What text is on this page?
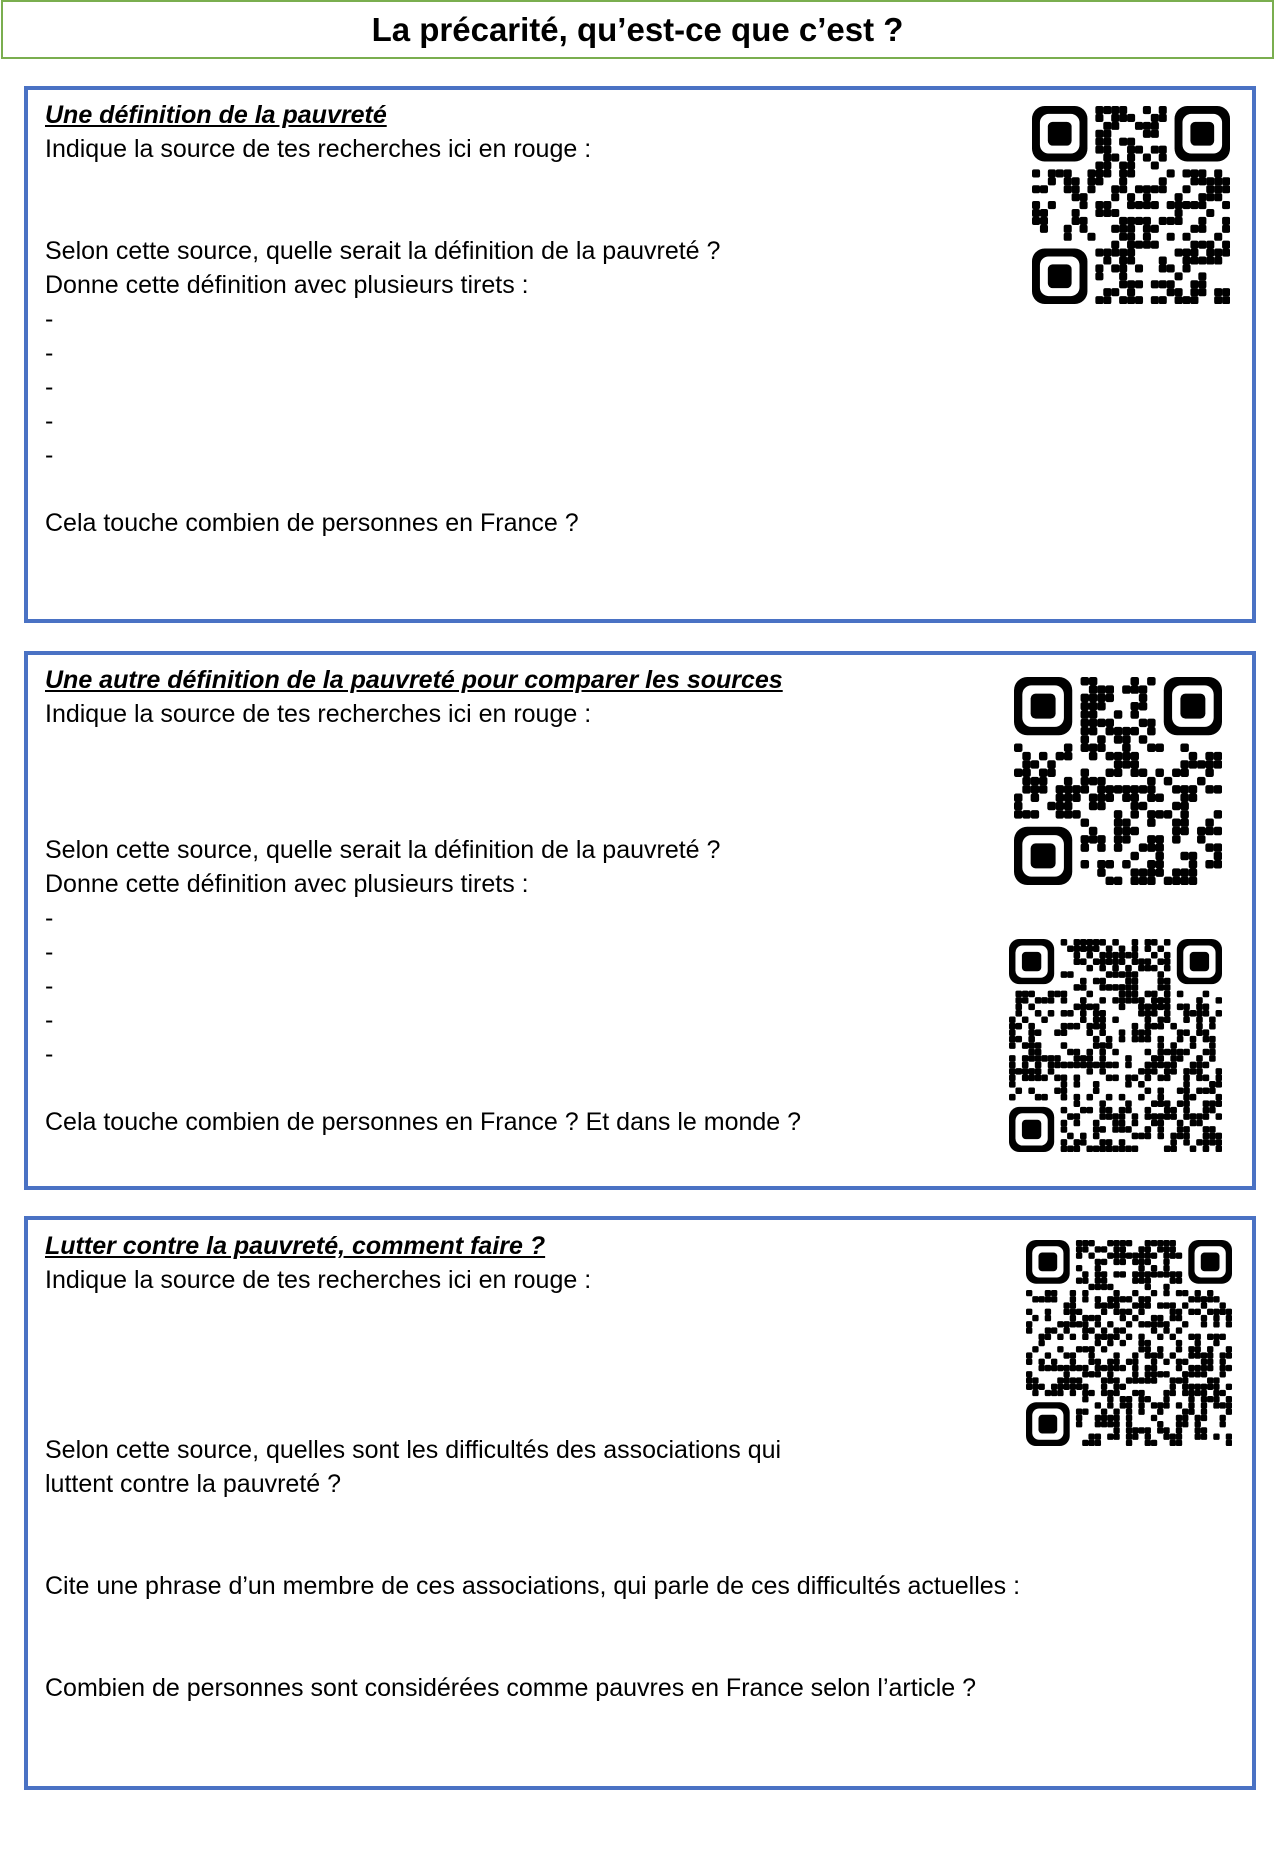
La précarité, qu’est-ce que c’est ?
Une définition de la pauvreté
Indique la source de tes recherches ici en rouge :
Selon cette source, quelle serait la définition de la pauvreté ?
Donne cette définition avec plusieurs tirets :
-
-
-
-
-
Cela touche combien de personnes en France ?
Une autre définition de la pauvreté pour comparer les sources
Indique la source de tes recherches ici en rouge :
Selon cette source, quelle serait la définition de la pauvreté ?
Donne cette définition avec plusieurs tirets :
-
-
-
-
-
Cela touche combien de personnes en France ? Et dans le monde ?
Lutter contre la pauvreté, comment faire ?
Indique la source de tes recherches ici en rouge :
Selon cette source, quelles sont les difficultés des associations qui
luttent contre la pauvreté ?
Cite une phrase d’un membre de ces associations, qui parle de ces difficultés actuelles :
Combien de personnes sont considérées comme pauvres en France selon l’article ?
